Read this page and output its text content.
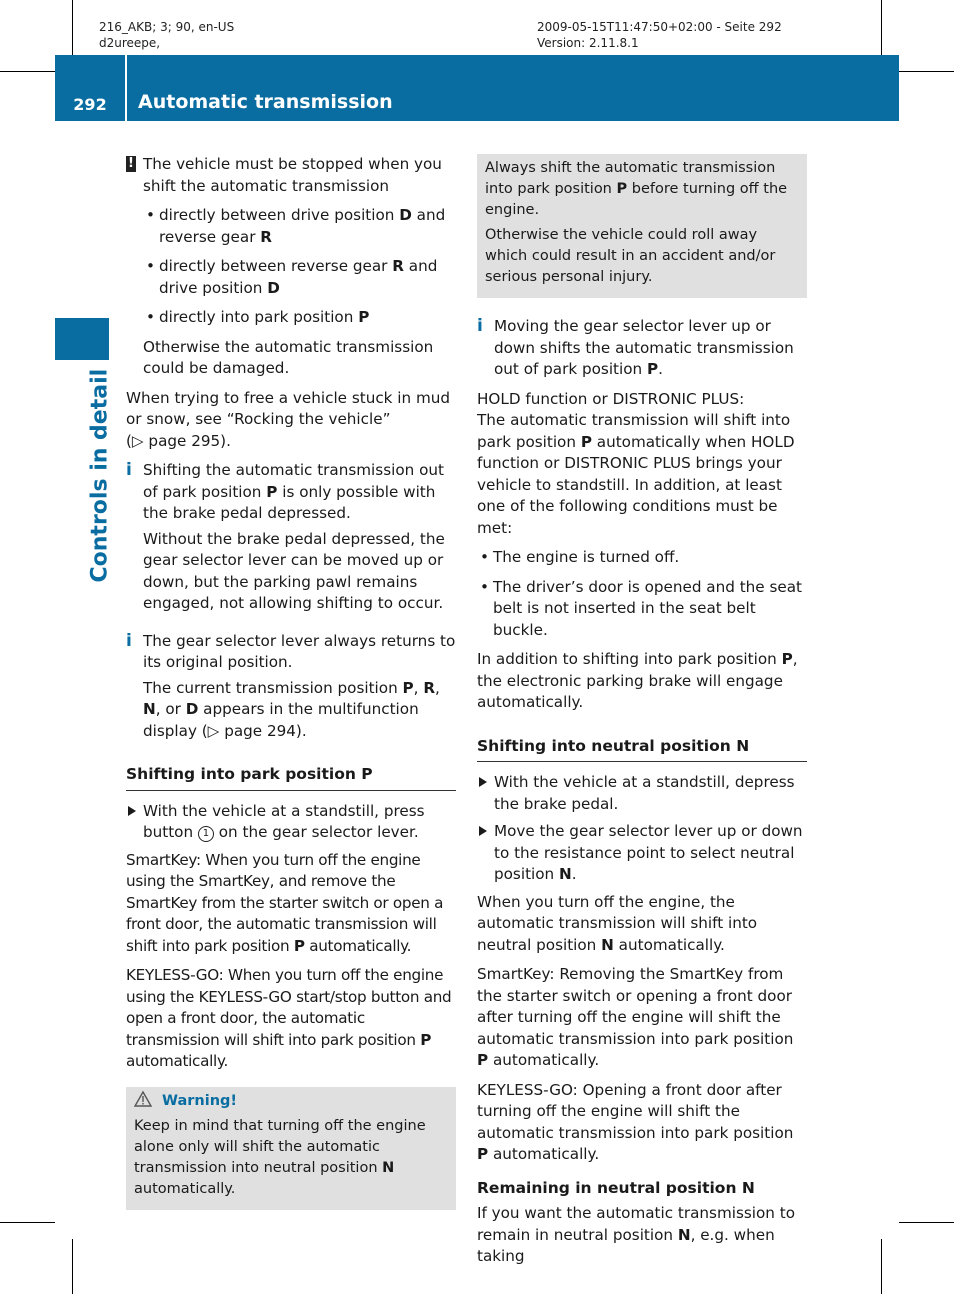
216_AKB; 3; 90, en-US
d2ureepe,
2009-05-15T11:47:50+02:00 - Seite 292
Version: 2.11.8.1
292	Automatic transmission
Controls in detail
! The vehicle must be stopped when you shift the automatic transmission

• directly between drive position D and reverse gear R
• directly between reverse gear R and drive position D
• directly into park position P

Otherwise the automatic transmission could be damaged.

When trying to free a vehicle stuck in mud or snow, see “Rocking the vehicle”

(▷ page 295).

i Shifting the automatic transmission out of park position P is only possible with the brake pedal depressed.

Without the brake pedal depressed, the gear selector lever can be moved up or down, but the parking pawl remains engaged, not allowing shifting to occur.

i The gear selector lever always returns to its original position.

The current transmission position P, R, N, or D appears in the multifunction display (▷ page 294).

Shifting into park position P
With the vehicle at a standstill, press button 1 on the gear selector lever.

SmartKey: When you turn off the engine using the SmartKey, and remove the SmartKey from the starter switch or open a front door, the automatic transmission will shift into park position P automatically.

KEYLESS-GO: When you turn off the engine using the KEYLESS-GO start/stop button and open a front door, the automatic transmission will shift into park position P automatically.

Warning!

Keep in mind that turning off the engine alone only will shift the automatic transmission into neutral position N automatically.

Always shift the automatic transmission into park position P before turning off the engine.

Otherwise the vehicle could roll away which could result in an accident and/or serious personal injury.

i Moving the gear selector lever up or down shifts the automatic transmission out of park position P.

HOLD function or DISTRONIC PLUS:

The automatic transmission will shift into park position P automatically when HOLD function or DISTRONIC PLUS brings your vehicle to standstill. In addition, at least one of the following conditions must be met:

• The engine is turned off.
• The driver’s door is opened and the seat belt is not inserted in the seat belt buckle.

In addition to shifting into park position P, the electronic parking brake will engage automatically.

Shifting into neutral position N
With the vehicle at a standstill, depress the brake pedal.
Move the gear selector lever up or down to the resistance point to select neutral position N.

When you turn off the engine, the automatic transmission will shift into neutral position N automatically.

SmartKey: Removing the SmartKey from the starter switch or opening a front door after turning off the engine will shift the automatic transmission into park position P automatically.

KEYLESS-GO: Opening a front door after turning off the engine will shift the automatic transmission into park position P automatically.

Remaining in neutral position N

If you want the automatic transmission to remain in neutral position N, e.g. when taking
